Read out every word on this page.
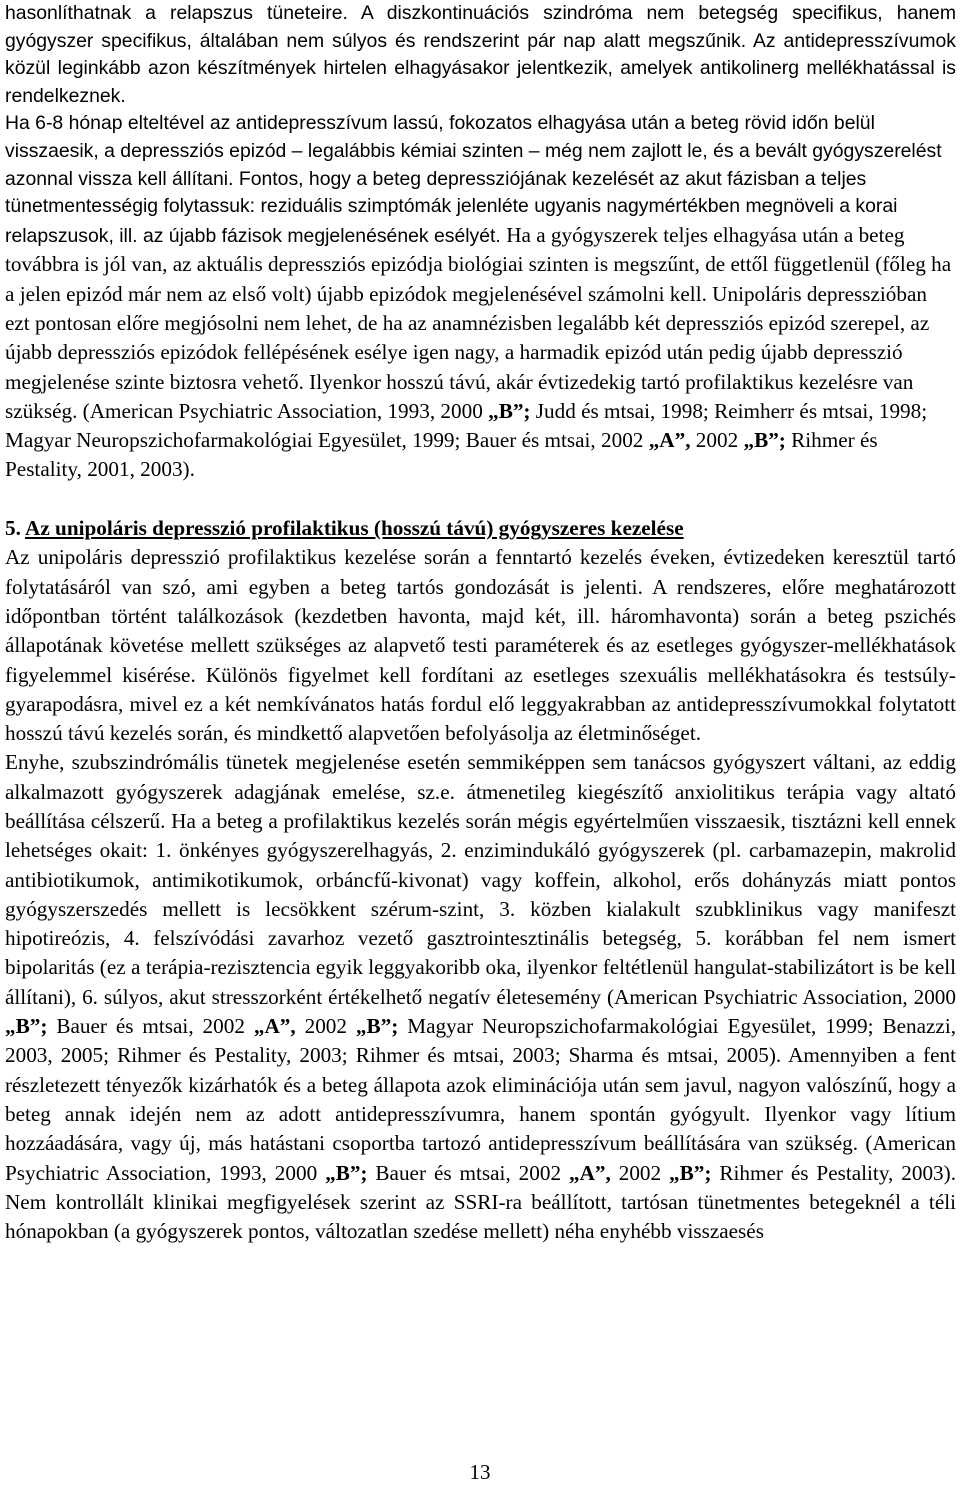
hasonlíthatnak a relapszus tüneteire. A diszkontinuációs szindróma nem betegség specifikus, hanem gyógyszer specifikus, általában nem súlyos és rendszerint pár nap alatt megszűnik. Az antidepresszívumok közül leginkább azon készítmények hirtelen elhagyásakor jelentkezik, amelyek antikolinerg mellékhatással is rendelkeznek.

Ha 6-8 hónap elteltével az antidepresszívum lassú, fokozatos elhagyása után a beteg rövid időn belül visszaesik, a depressziós epizód – legalábbis kémiai szinten – még nem zajlott le, és a bevált gyógyszerelést azonnal vissza kell állítani. Fontos, hogy a beteg depressziójának kezelését az akut fázisban a teljes tünetmentességig folytassuk: reziduális szimptómák jelenléte ugyanis nagymértékben megnöveli a korai relapszusok, ill. az újabb fázisok megjelenésének esélyét. Ha a gyógyszerek teljes elhagyása után a beteg továbbra is jól van, az aktuális depressziós epizódja biológiai szinten is megszűnt, de ettől függetlenül (főleg ha a jelen epizód már nem az első volt) újabb epizódok megjelenésével számolni kell. Unipoláris depresszióban ezt pontosan előre megjósolni nem lehet, de ha az anamnézisben legalább két depressziós epizód szerepel, az újabb depressziós epizódok fellépésének esélye igen nagy, a harmadik epizód után pedig újabb depresszió megjelenése szinte biztosra vehető. Ilyenkor hosszú távú, akár évtizedekig tartó profilaktikus kezelésre van szükség. (American Psychiatric Association, 1993, 2000 „B”; Judd és mtsai, 1998; Reimherr és mtsai, 1998; Magyar Neuropszichofarmakológiai Egyesület, 1999; Bauer és mtsai, 2002 „A”, 2002 „B”; Rihmer és Pestality, 2001, 2003).

5. Az unipoláris depresszió profilaktikus (hosszú távú) gyógyszeres kezelése

Az unipoláris depresszió profilaktikus kezelése során a fenntartó kezelés éveken, évtizedeken keresztül tartó folytatásáról van szó, ami egyben a beteg tartós gondozását is jelenti. A rendszeres, előre meghatározott időpontban történt találkozások (kezdetben havonta, majd két, ill. háromhavonta) során a beteg pszichés állapotának követése mellett szükséges az alapvető testi paraméterek és az esetleges gyógyszer-mellékhatások figyelemmel kisérése. Különös figyelmet kell fordítani az esetleges szexuális mellékhatásokra és testsúly-gyarapodásra, mivel ez a két nemkívánatos hatás fordul elő leggyakrabban az antidepresszívumokkal folytatott hosszú távú kezelés során, és mindkettő alapvetően befolyásolja az életminőséget.

Enyhe, szubszindrómális tünetek megjelenése esetén semmiképpen sem tanácsos gyógyszert váltani, az eddig alkalmazott gyógyszerek adagjának emelése, sz.e. átmenetileg kiegészítő anxiolitikus terápia vagy altató beállítása célszerű. Ha a beteg a profilaktikus kezelés során mégis egyértelműen visszaesik, tisztázni kell ennek lehetséges okait: 1. önkényes gyógyszerelhagyás, 2. enzimindukáló gyógyszerek (pl. carbamazepin, makrolid antibiotikumok, antimikotikumok, orbáncfű-kivonat) vagy koffein, alkohol, erős dohányzás miatt pontos gyógyszerszedés mellett is lecsökkent szérum-szint, 3. közben kialakult szubklinikus vagy manifeszt hipotireózis, 4. felszívódási zavarhoz vezető gasztrointesztinális betegség, 5. korábban fel nem ismert bipolaritás (ez a terápia-rezisztencia egyik leggyakoribb oka, ilyenkor feltétlenül hangulat-stabilizátort is be kell állítani), 6. súlyos, akut stresszorként értékelhető negatív életesemény (American Psychiatric Association, 2000 „B”; Bauer és mtsai, 2002 „A”, 2002 „B”; Magyar Neuropszichofarmakológiai Egyesület, 1999; Benazzi, 2003, 2005; Rihmer és Pestality, 2003; Rihmer és mtsai, 2003; Sharma és mtsai, 2005). Amennyiben a fent részletezett tényezők kizárhatók és a beteg állapota azok eliminációja után sem javul, nagyon valószínű, hogy a beteg annak idején nem az adott antidepresszívumra, hanem spontán gyógyult. Ilyenkor vagy lítium hozzáadására, vagy új, más hatástani csoportba tartozó antidepresszívum beállítására van szükség. (American Psychiatric Association, 1993, 2000 „B”; Bauer és mtsai, 2002 „A”, 2002 „B”; Rihmer és Pestality, 2003). Nem kontrollált klinikai megfigyelések szerint az SSRI-ra beállított, tartósan tünetmentes betegeknél a téli hónapokban (a gyógyszerek pontos, változatlan szedése mellett) néha enyhébb visszaesés

13
